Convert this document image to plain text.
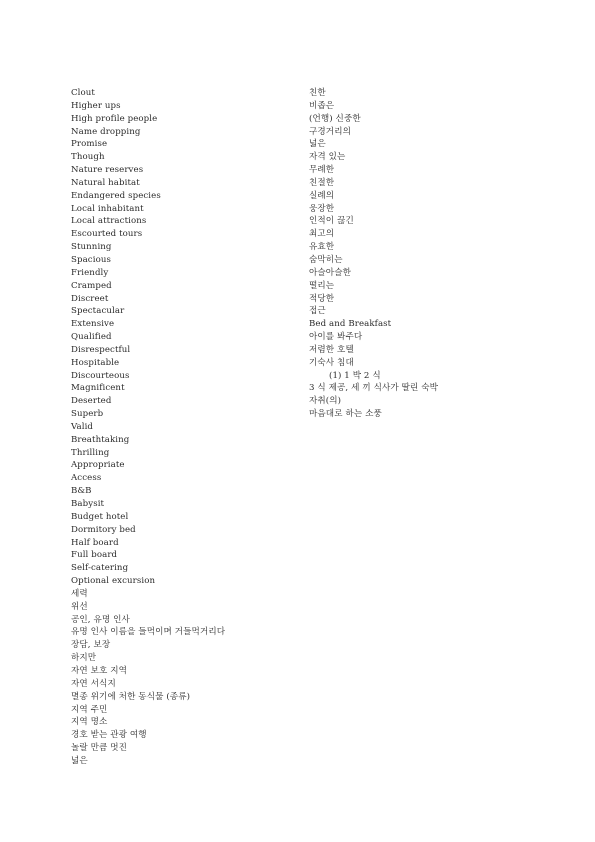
Clout
Higher ups
High profile people
Name dropping
Promise
Though
Nature reserves
Natural habitat
Endangered species
Local inhabitant
Local attractions
Escourted tours
Stunning
Spacious
Friendly
Cramped
Discreet
Spectacular
Extensive
Qualified
Disrespectful
Hospitable
Discourteous
Magnificent
Deserted
Superb
Valid
Breathtaking
Thrilling
Appropriate
Access
B&B
Babysit
Budget hotel
Dormitory bed
Half board
Full board
Self-catering
Optional excursion
세력
위선
공인, 유명 인사
유명 인사 이름을 들먹이며 거들먹거리다
장담, 보장
하지만
자연 보호 지역
자연 서식지
멸종 위기에 처한 동식물 (종류)
지역 주민
지역 명소
경호 받는 관광 여행
놀랄 만큼 멋진
넓은
친한
비좁은
(언행) 신중한
구경거리의
넓은
자격 있는
무례한
친절한
실례의
웅장한
인적이 끊긴
최고의
유효한
숨막히는
아슬아슬한
떨리는
적당한
접근
Bed and Breakfast
아이를 봐주다
저렴한 호텔
기숙사 침대
(1) 1 박 2 식
3 식 제공, 세 끼 식사가 딸린 숙박
자취(의)
마음대로 하는 소풍
